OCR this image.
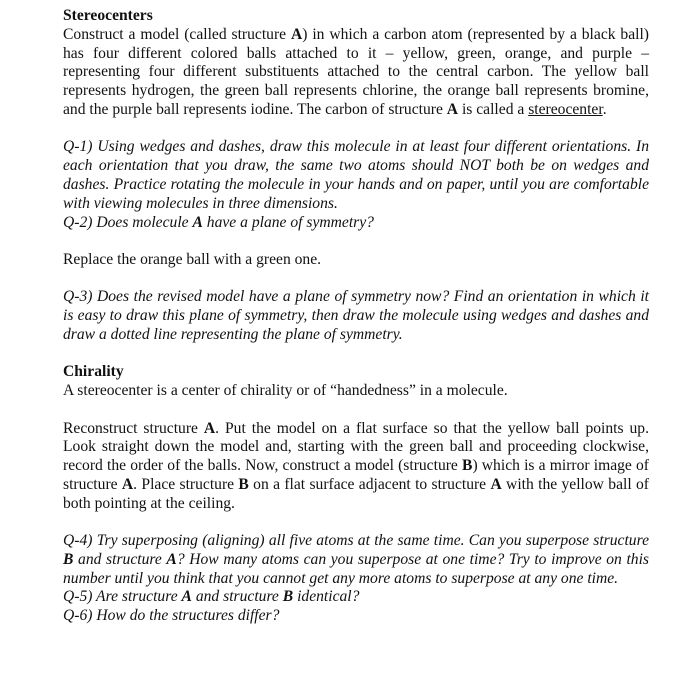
Stereocenters

Construct a model (called structure A) in which a carbon atom (represented by a black ball) has four different colored balls attached to it – yellow, green, orange, and purple – representing four different substituents attached to the central carbon. The yellow ball represents hydrogen, the green ball represents chlorine, the orange ball represents bromine, and the purple ball represents iodine. The carbon of structure A is called a stereocenter.

Q-1) Using wedges and dashes, draw this molecule in at least four different orientations. In each orientation that you draw, the same two atoms should NOT both be on wedges and dashes. Practice rotating the molecule in your hands and on paper, until you are comfortable with viewing molecules in three dimensions.

Q-2) Does molecule A have a plane of symmetry?

Replace the orange ball with a green one.

Q-3) Does the revised model have a plane of symmetry now? Find an orientation in which it is easy to draw this plane of symmetry, then draw the molecule using wedges and dashes and draw a dotted line representing the plane of symmetry.

Chirality

A stereocenter is a center of chirality or of “handedness” in a molecule.

Reconstruct structure A. Put the model on a flat surface so that the yellow ball points up. Look straight down the model and, starting with the green ball and proceeding clockwise, record the order of the balls. Now, construct a model (structure B) which is a mirror image of structure A. Place structure B on a flat surface adjacent to structure A with the yellow ball of both pointing at the ceiling.

Q-4) Try superposing (aligning) all five atoms at the same time. Can you superpose structure B and structure A? How many atoms can you superpose at one time? Try to improve on this number until you think that you cannot get any more atoms to superpose at any one time.

Q-5) Are structure A and structure B identical?

Q-6) How do the structures differ?
